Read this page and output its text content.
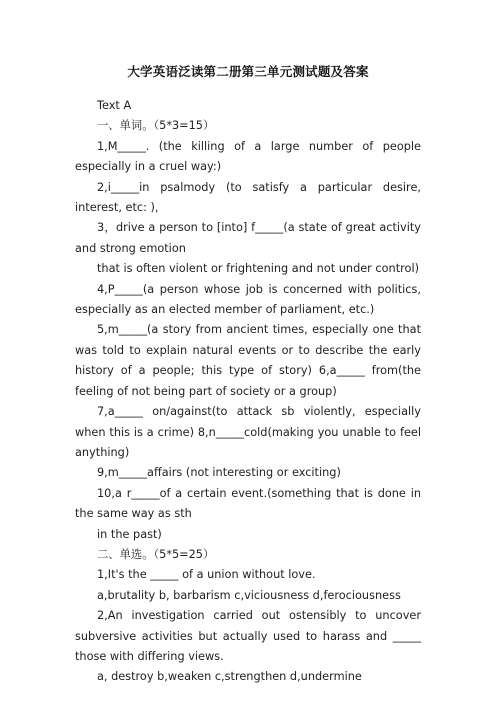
大学英语泛读第二册第三单元测试题及答案

Text A

一、单词。（5*3=15）

1,M_____. (the killing of a large number of people especially in a cruel way:)

2,i_____in psalmody (to satisfy a particular desire, interest, etc: ),

3，drive a person to [into] f_____(a state of great activity and strong emotion

that is often violent or frightening and not under control)

4,P_____(a person whose job is concerned with politics, especially as an elected member of parliament, etc.)

5,m_____(a story from ancient times, especially one that was told to explain natural events or to describe the early history of a people; this type of story) 6,a_____ from(the feeling of not being part of society or a group)

7,a_____ on/against(to attack sb violently, especially when this is a crime) 8,n_____cold(making you unable to feel anything)

9,m_____affairs (not interesting or exciting)

10,a r_____of a certain event.(something that is done in the same way as sth

in the past)

二、单选。（5*5=25）

1,It's the _____ of a union without love.

a,brutality b, barbarism c,viciousness d,ferociousness

2,An investigation carried out ostensibly to uncover subversive activities but actually used to harass and _____ those with differing views.

a, destroy b,weaken c,strengthen d,undermine
